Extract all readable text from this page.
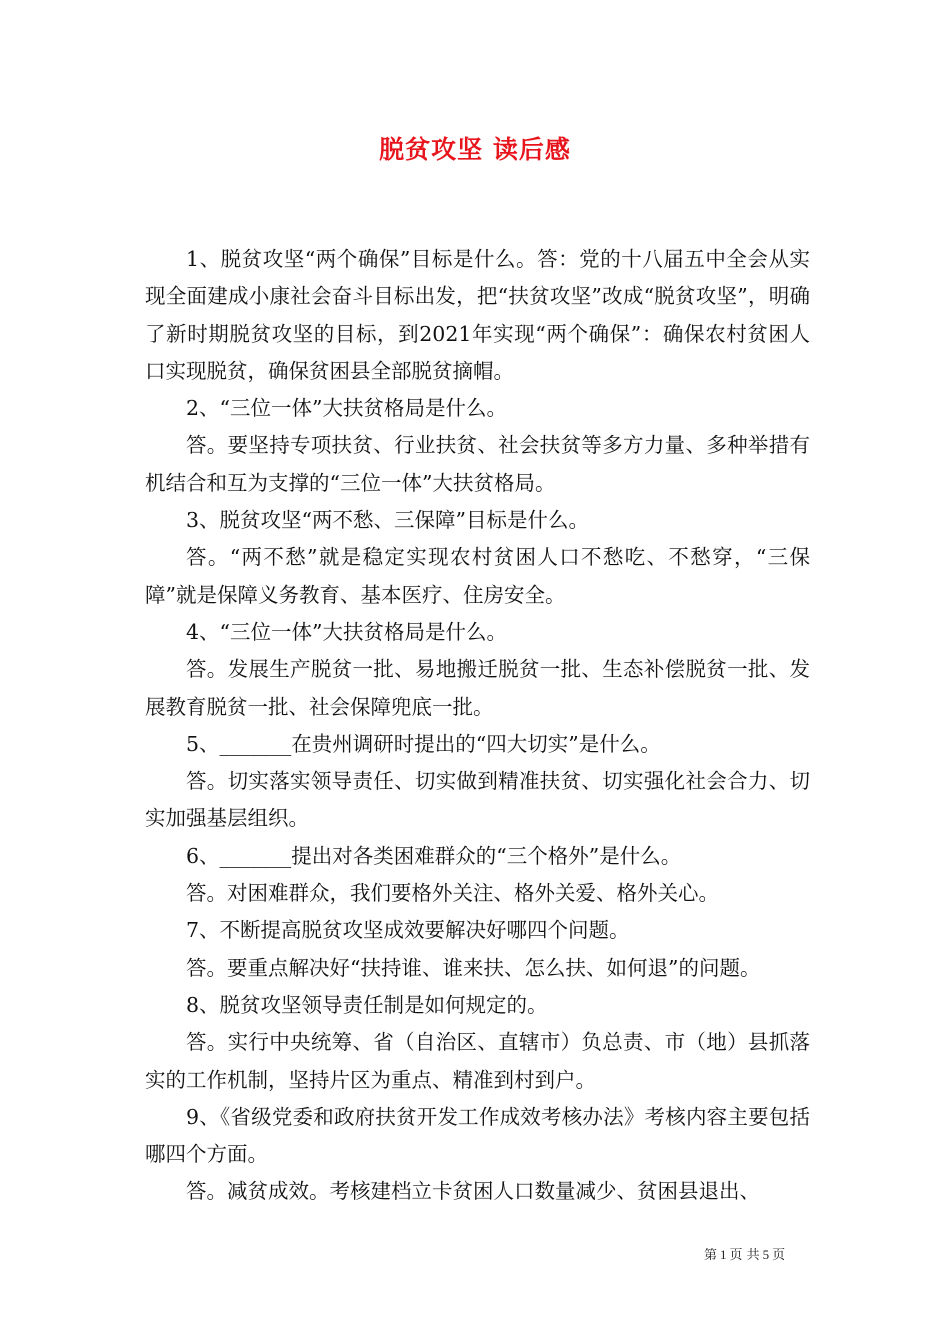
脱贫攻坚 读后感

1、脱贫攻坚“两个确保”目标是什么。答：党的十八届五中全会从实现全面建成小康社会奋斗目标出发，把“扶贫攻坚”改成“脱贫攻坚”，明确了新时期脱贫攻坚的目标，到2021年实现“两个确保”：确保农村贫困人口实现脱贫，确保贫困县全部脱贫摘帽。

2、“三位一体”大扶贫格局是什么。

答。要坚持专项扶贫、行业扶贫、社会扶贫等多方力量、多种举措有机结合和互为支撑的“三位一体”大扶贫格局。

3、脱贫攻坚“两不愁、三保障”目标是什么。

答。“两不愁”就是稳定实现农村贫困人口不愁吃、不愁穿，“三保障”就是保障义务教育、基本医疗、住房安全。

4、“三位一体”大扶贫格局是什么。

答。发展生产脱贫一批、易地搬迁脱贫一批、生态补偿脱贫一批、发展教育脱贫一批、社会保障兜底一批。

5、_______在贵州调研时提出的“四大切实”是什么。

答。切实落实领导责任、切实做到精准扶贫、切实强化社会合力、切实加强基层组织。

6、_______提出对各类困难群众的“三个格外”是什么。

答。对困难群众，我们要格外关注、格外关爱、格外关心。

7、不断提高脱贫攻坚成效要解决好哪四个问题。

答。要重点解决好“扶持谁、谁来扶、怎么扶、如何退”的问题。

8、脱贫攻坚领导责任制是如何规定的。

答。实行中央统筹、省（自治区、直辖市）负总责、市（地）县抓落实的工作机制，坚持片区为重点、精准到村到户。

9、《省级党委和政府扶贫开发工作成效考核办法》考核内容主要包括哪四个方面。

答。减贫成效。考核建档立卡贫困人口数量减少、贫困县退出、

第 1 页 共 5 页
